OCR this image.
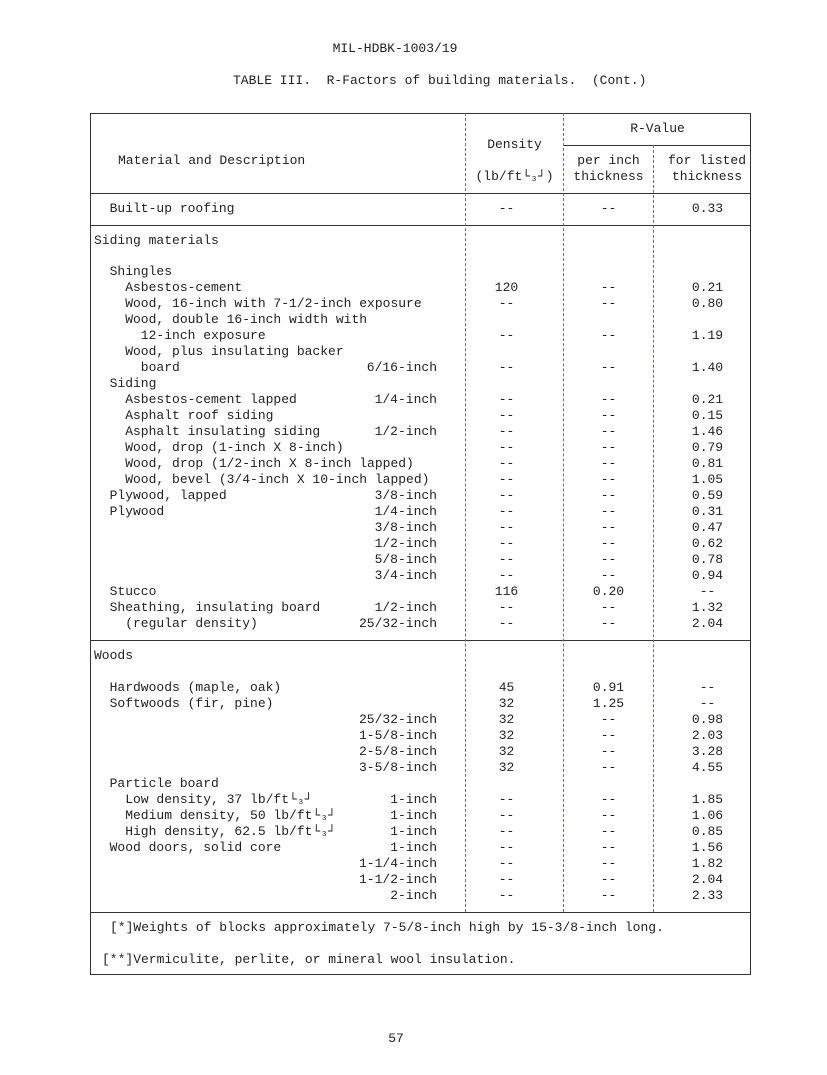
MIL-HDBK-1003/19
TABLE III.  R-Factors of building materials.  (Cont.)
Material and Description
Density
(lb/ft└₃┘)
R-Value
per inch
thickness
for listed
thickness
Built-up roofing	--	--	0.33
Siding materials
Shingles
Asbestos-cement	120	--	0.21
Wood, 16-inch with 7-1/2-inch exposure	--	--	0.80
Wood, double 16-inch width with
12-inch exposure	--	--	1.19
Wood, plus insulating backer
board	6/16-inch	--	--	1.40
Siding
Asbestos-cement lapped	1/4-inch	--	--	0.21
Asphalt roof siding	--	--	0.15
Asphalt insulating siding	1/2-inch	--	--	1.46
Wood, drop (1-inch X 8-inch)	--	--	0.79
Wood, drop (1/2-inch X 8-inch lapped)	--	--	0.81
Wood, bevel (3/4-inch X 10-inch lapped)	--	--	1.05
Plywood, lapped	3/8-inch	--	--	0.59
Plywood	1/4-inch	--	--	0.31
3/8-inch	--	--	0.47
1/2-inch	--	--	0.62
5/8-inch	--	--	0.78
3/4-inch	--	--	0.94
Stucco	116	0.20	--
Sheathing, insulating board	1/2-inch	--	--	1.32
(regular density)	25/32-inch	--	--	2.04
Woods
Hardwoods (maple, oak)	45	0.91	--
Softwoods (fir, pine)	32	1.25	--
25/32-inch	32	--	0.98
1-5/8-inch	32	--	2.03
2-5/8-inch	32	--	3.28
3-5/8-inch	32	--	4.55
Particle board
Low density, 37 lb/ft└₃┘	1-inch	--	--	1.85
Medium density, 50 lb/ft└₃┘	1-inch	--	--	1.06
High density, 62.5 lb/ft└₃┘	1-inch	--	--	0.85
Wood doors, solid core	1-inch	--	--	1.56
1-1/4-inch	--	--	1.82
1-1/2-inch	--	--	2.04
2-inch	--	--	2.33
[*]Weights of blocks approximately 7-5/8-inch high by 15-3/8-inch long.
[**]Vermiculite, perlite, or mineral wool insulation.
57
